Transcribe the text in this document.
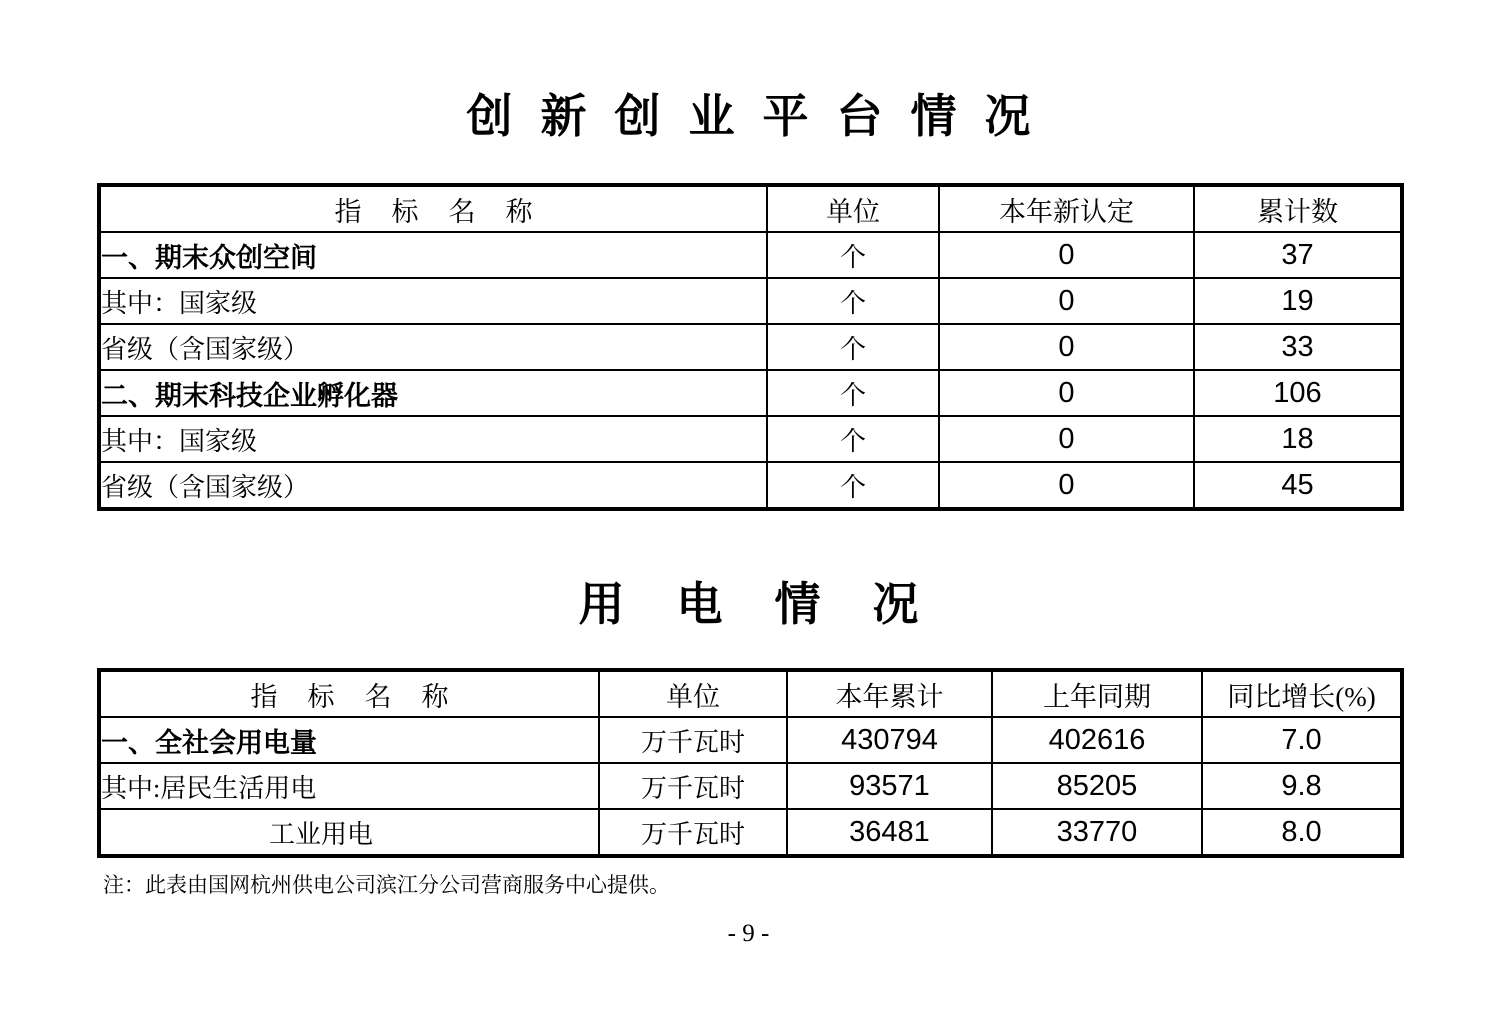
创新创业平台情况
指标名称	单位	本年新认定	累计数
一、期末众创空间	个	0	37
其中：国家级	个	0	19
省级（含国家级）	个	0	33
二、期末科技企业孵化器	个	0	106
其中：国家级	个	0	18
省级（含国家级）	个	0	45
用电情况
指标名称	单位	本年累计	上年同期	同比增长(%)
一、全社会用电量	万千瓦时	430794	402616	7.0
其中:居民生活用电	万千瓦时	93571	85205	9.8
工业用电	万千瓦时	36481	33770	8.0
注：此表由国网杭州供电公司滨江分公司营商服务中心提供。
- 9 -
